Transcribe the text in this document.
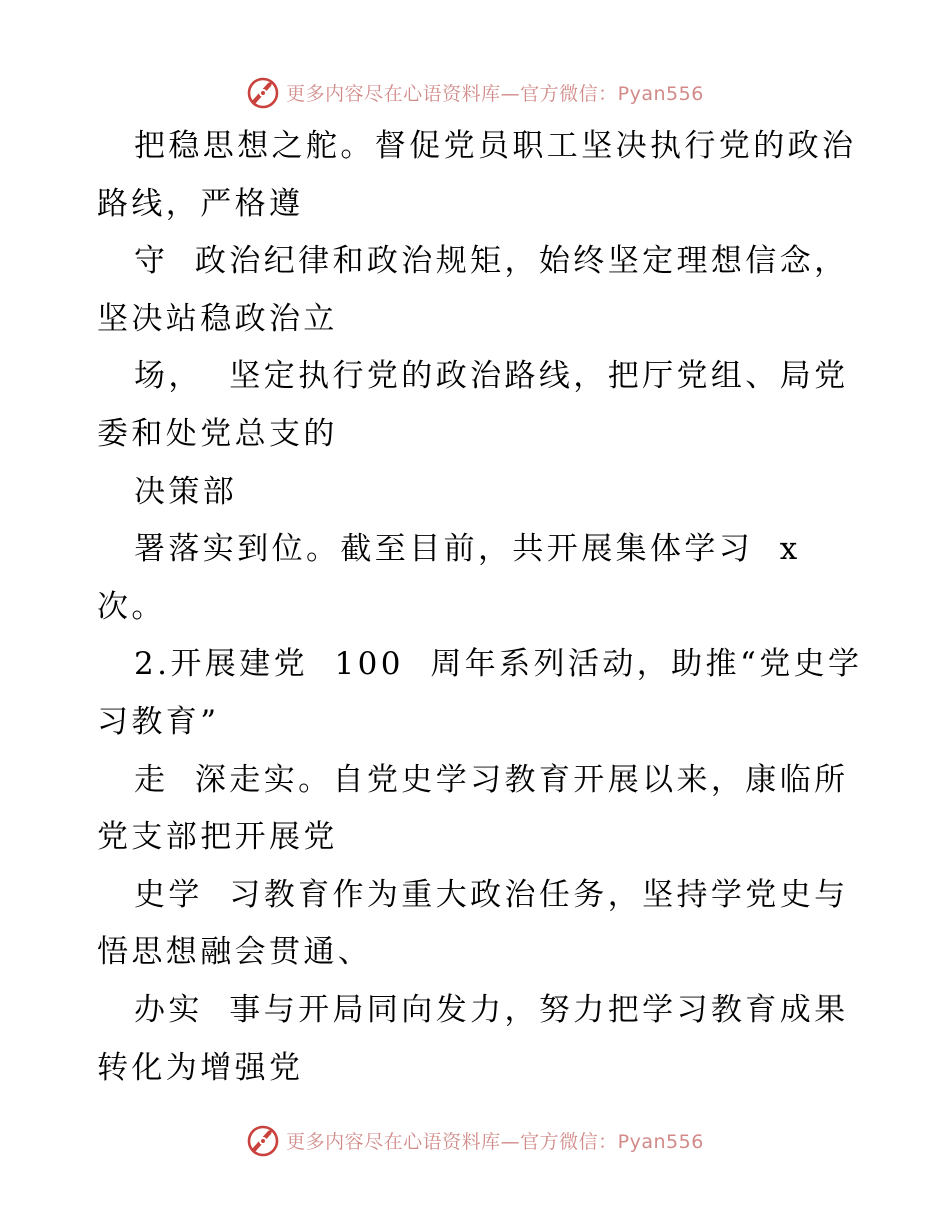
更多内容尽在心语资料库—官方微信：Pyan556
把稳思想之舵。督促党员职工坚决执行党的政治
路线，严格遵
守  政治纪律和政治规矩，始终坚定理想信念，
坚决站稳政治立
场，  坚定执行党的政治路线，把厅党组、局党
委和处党总支的
决策部
署落实到位。截至目前，共开展集体学习  x
次。
2.开展建党  100  周年系列活动，助推“党史学
习教育”
走  深走实。自党史学习教育开展以来，康临所
党支部把开展党
史学  习教育作为重大政治任务，坚持学党史与
悟思想融会贯通、
办实  事与开局同向发力，努力把学习教育成果
转化为增强党
更多内容尽在心语资料库—官方微信：Pyan556
